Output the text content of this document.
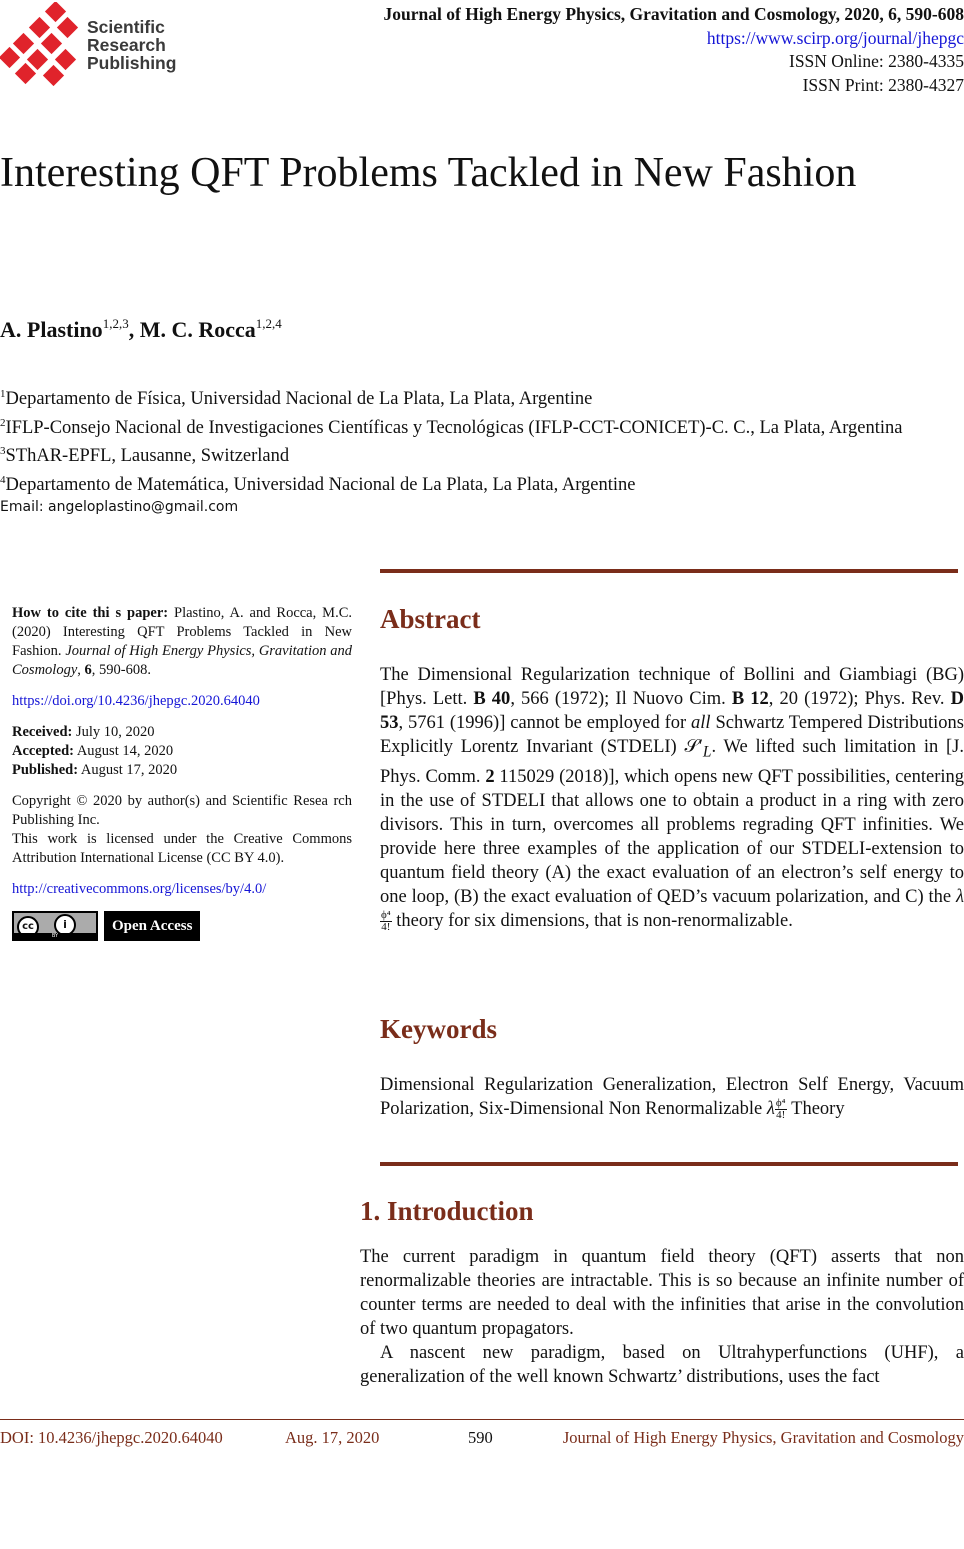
Scientific
Research
Publishing
Journal of High Energy Physics, Gravitation and Cosmology, 2020, 6, 590-608
https://www.scirp.org/journal/jhepgc
ISSN Online: 2380-4335
ISSN Print: 2380-4327
Interesting QFT Problems Tackled in New Fashion
A. Plastino$^{1,2,3}$, M. C. Rocca$^{1,2,4}$
$^1$Departamento de Física, Universidad Nacional de La Plata, La Plata, Argentine
$^2$IFLP-Consejo Nacional de Investigaciones Científicas y Tecnológicas (IFLP-CCT-CONICET)-C. C., La Plata, Argentina
$^3$SThAR-EPFL, Lausanne, Switzerland
$^4$Departamento de Matemática, Universidad Nacional de La Plata, La Plata, Argentine
Email: angeloplastino@gmail.com
How to cite thi s paper: Plastino, A. and Rocca, M.C. (2020) Interesting QFT Problems Tackled in New Fashion. Journal of High Energy Physics, Gravitation and Cosmology, 6, 590-608.
https://doi.org/10.4236/jhepgc.2020.64040
Received: July 10, 2020
Accepted: August 14, 2020
Published: August 17, 2020
Copyright © 2020 by author(s) and Scientific Resea rch Publishing Inc.
This work is licensed under the Creative Commons Attribution International License (CC BY 4.0).
http://creativecommons.org/licenses/by/4.0/
cc	i
BY
Open Access
Abstract
The Dimensional Regularization technique of Bollini and Giambiagi (BG) [Phys. Lett. B 40, 566 (1972); Il Nuovo Cim. B 12, 20 (1972); Phys. Rev. D 53, 5761 (1996)] cannot be employed for all Schwartz Tempered Distributions Explicitly Lorentz Invariant (STDELI) $𝒮'_L$. We lifted such limitation in [J. Phys. Comm. 2 115029 (2018)], which opens new QFT possibilities, centering in the use of STDELI that allows one to obtain a product in a ring with zero divisors. This in turn, overcomes all problems regrading QFT infinities. We provide here three examples of the application of our STDELI-extension to quantum field theory (A) the exact evaluation of an electron’s self energy to one loop, (B) the exact evaluation of QED’s vacuum polarization, and C) the λ
$\frac{\text{ϕ⁴}}{4!}$ theory for six dimensions, that is non-renormalizable.
Keywords
Dimensional Regularization Generalization, Electron Self Energy, Vacuum Polarization, Six-Dimensional Non Renormalizable λ $\frac{\text{ϕ⁴}}{4!}$ Theory
1. Introduction

The current paradigm in quantum field theory (QFT) asserts that non renormalizable theories are intractable. This is so because an infinite number of counter terms are needed to deal with the infinities that arise in the convolution of two quantum propagators.

A nascent new paradigm, based on Ultrahyperfunctions (UHF), a generalization of the well known Schwartz’ distributions, uses the fact

DOI: 10.4236/jhepgc.2020.64040	Aug. 17, 2020	590	Journal of High Energy Physics, Gravitation and Cosmology
